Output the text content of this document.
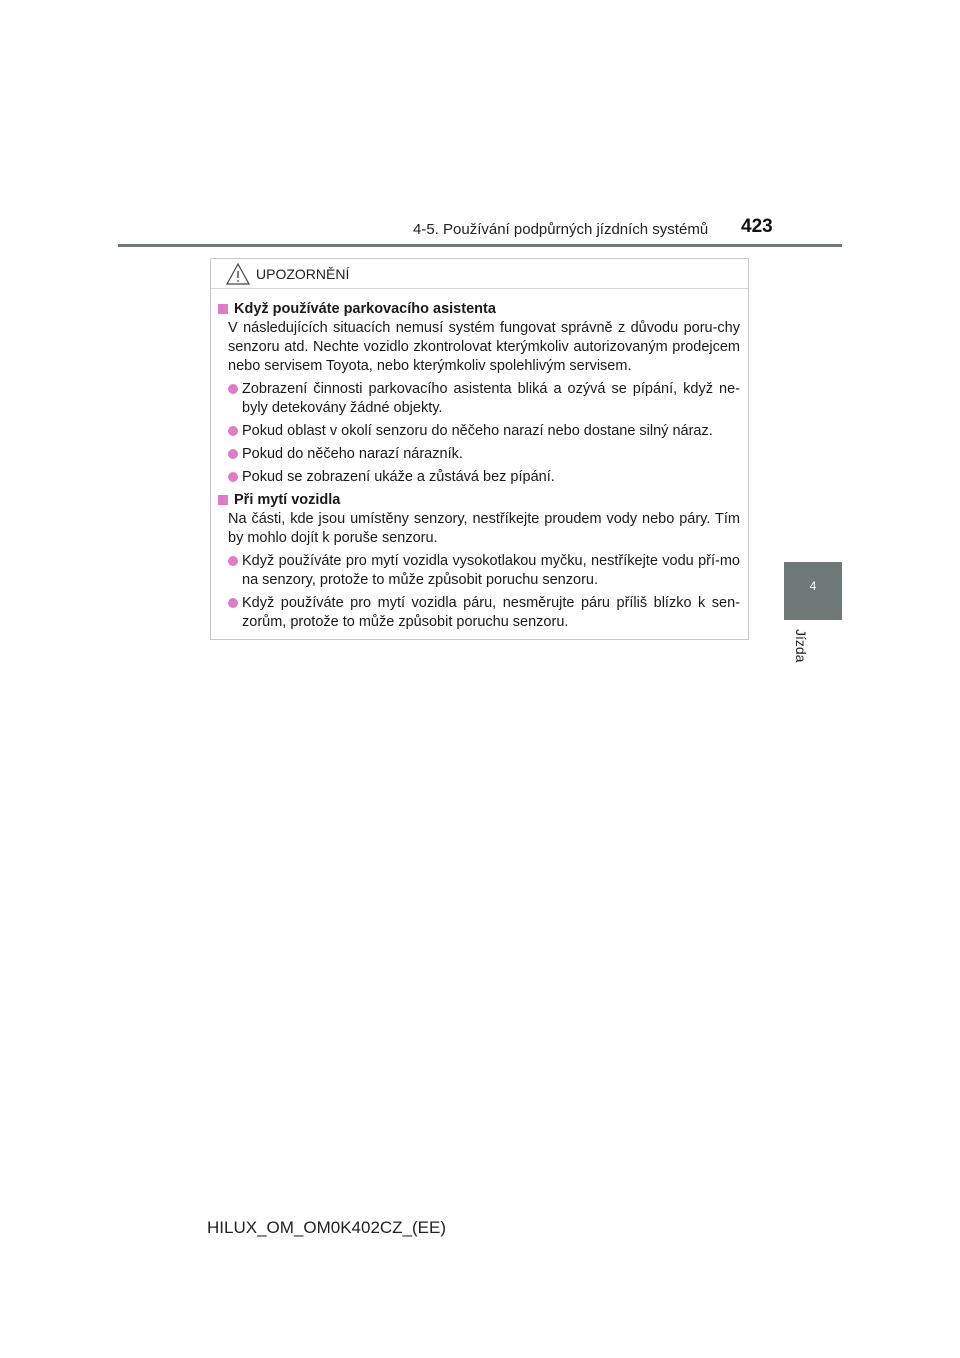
4-5. Používání podpůrných jízdních systémů 423
4
Jízda
UPOZORNĚNÍ
Když používáte parkovacího asistenta
V následujících situacích nemusí systém fungovat správně z důvodu poru-chy senzoru atd. Nechte vozidlo zkontrolovat kterýmkoliv autorizovaným prodejcem nebo servisem Toyota, nebo kterýmkoliv spolehlivým servisem.
Zobrazení činnosti parkovacího asistenta bliká a ozývá se pípání, když ne-byly detekovány žádné objekty.
Pokud oblast v okolí senzoru do něčeho narazí nebo dostane silný náraz.
Pokud do něčeho narazí nárazník.
Pokud se zobrazení ukáže a zůstává bez pípání.
Při mytí vozidla
Na části, kde jsou umístěny senzory, nestříkejte proudem vody nebo páry. Tím by mohlo dojít k poruše senzoru.
Když používáte pro mytí vozidla vysokotlakou myčku, nestříkejte vodu pří-mo na senzory, protože to může způsobit poruchu senzoru.
Když používáte pro mytí vozidla páru, nesměrujte páru příliš blízko k sen-zorům, protože to může způsobit poruchu senzoru.
HILUX_OM_OM0K402CZ_(EE)
